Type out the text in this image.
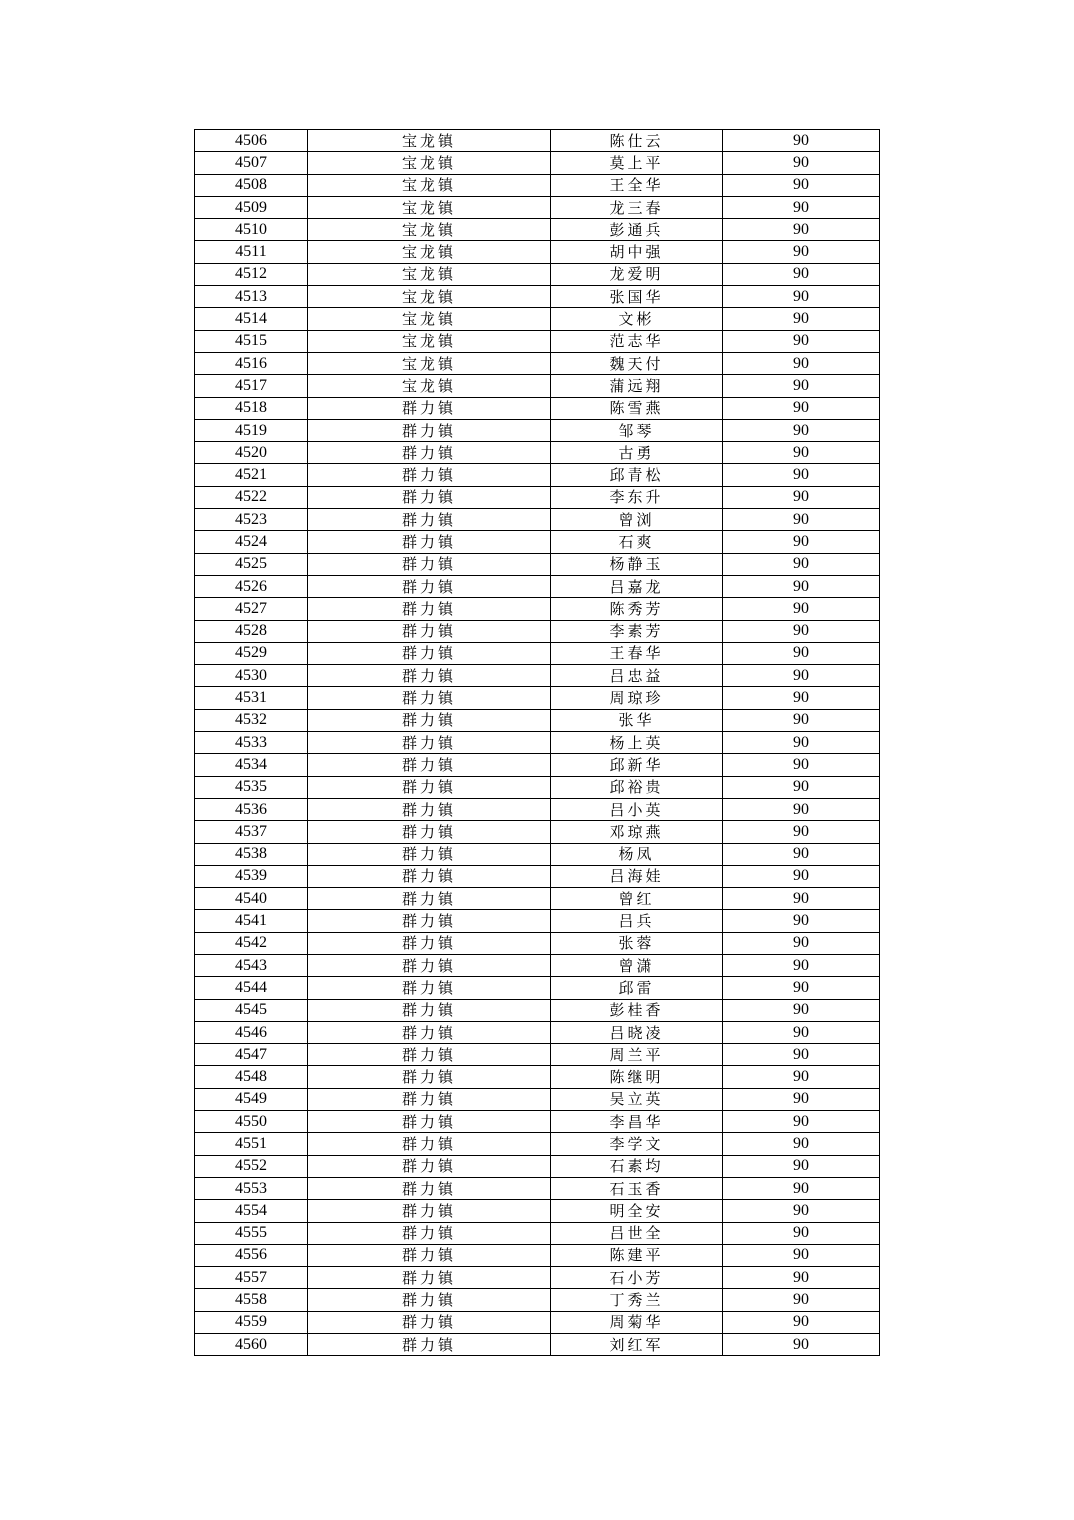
4506	宝龙镇	陈仕云	90
4507	宝龙镇	莫上平	90
4508	宝龙镇	王全华	90
4509	宝龙镇	龙三春	90
4510	宝龙镇	彭通兵	90
4511	宝龙镇	胡中强	90
4512	宝龙镇	龙爱明	90
4513	宝龙镇	张国华	90
4514	宝龙镇	文彬	90
4515	宝龙镇	范志华	90
4516	宝龙镇	魏天付	90
4517	宝龙镇	蒲远翔	90
4518	群力镇	陈雪燕	90
4519	群力镇	邹琴	90
4520	群力镇	古勇	90
4521	群力镇	邱青松	90
4522	群力镇	李东升	90
4523	群力镇	曾浏	90
4524	群力镇	石爽	90
4525	群力镇	杨静玉	90
4526	群力镇	吕嘉龙	90
4527	群力镇	陈秀芳	90
4528	群力镇	李素芳	90
4529	群力镇	王春华	90
4530	群力镇	吕忠益	90
4531	群力镇	周琼珍	90
4532	群力镇	张华	90
4533	群力镇	杨上英	90
4534	群力镇	邱新华	90
4535	群力镇	邱裕贵	90
4536	群力镇	吕小英	90
4537	群力镇	邓琼燕	90
4538	群力镇	杨凤	90
4539	群力镇	吕海娃	90
4540	群力镇	曾红	90
4541	群力镇	吕兵	90
4542	群力镇	张蓉	90
4543	群力镇	曾潇	90
4544	群力镇	邱雷	90
4545	群力镇	彭桂香	90
4546	群力镇	吕晓凌	90
4547	群力镇	周兰平	90
4548	群力镇	陈继明	90
4549	群力镇	吴立英	90
4550	群力镇	李昌华	90
4551	群力镇	李学文	90
4552	群力镇	石素均	90
4553	群力镇	石玉香	90
4554	群力镇	明全安	90
4555	群力镇	吕世全	90
4556	群力镇	陈建平	90
4557	群力镇	石小芳	90
4558	群力镇	丁秀兰	90
4559	群力镇	周菊华	90
4560	群力镇	刘红军	90
